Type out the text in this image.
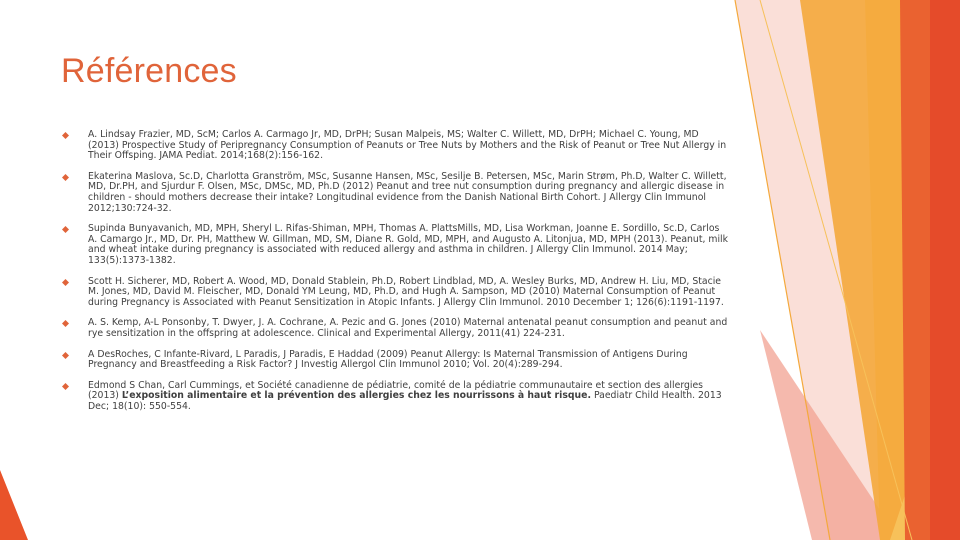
Références
A. Lindsay Frazier, MD, ScM; Carlos A. Carmago Jr, MD, DrPH; Susan Malpeis, MS; Walter C. Willett, MD, DrPH; Michael C. Young, MD (2013) Prospective Study of Peripregnancy Consumption of Peanuts or Tree Nuts by Mothers and the Risk of Peanut or Tree Nut Allergy in Their Offsping. JAMA Pediat. 2014;168(2):156-162.
Ekaterina Maslova, Sc.D, Charlotta Granström, MSc, Susanne Hansen, MSc, Sesilje B. Petersen, MSc, Marin Strøm, Ph.D, Walter C. Willett, MD, Dr.PH, and Sjurdur F. Olsen, MSc, DMSc, MD, Ph.D (2012) Peanut and tree nut consumption during pregnancy and allergic disease in children - should mothers decrease their intake? Longitudinal evidence from the Danish National Birth Cohort. J Allergy Clin Immunol 2012;130:724-32.
Supinda Bunyavanich, MD, MPH, Sheryl L. Rifas-Shiman, MPH, Thomas A. PlattsMills, MD, Lisa Workman, Joanne E. Sordillo, Sc.D, Carlos A. Camargo Jr., MD, Dr. PH, Matthew W. Gillman, MD, SM, Diane R. Gold, MD, MPH, and Augusto A. Litonjua, MD, MPH (2013). Peanut, milk and wheat intake during pregnancy is associated with reduced allergy and asthma in children. J Allergy Clin Immunol. 2014 May; 133(5):1373-1382.
Scott H. Sicherer, MD, Robert A. Wood, MD, Donald Stablein, Ph.D, Robert Lindblad, MD, A. Wesley Burks, MD, Andrew H. Liu, MD, Stacie M. Jones, MD, David M. Fleischer, MD, Donald YM Leung, MD, Ph.D, and Hugh A. Sampson, MD (2010) Maternal Consumption of Peanut during Pregnancy is Associated with Peanut Sensitization in Atopic Infants. J Allergy Clin Immunol. 2010 December 1; 126(6):1191-1197.
A. S. Kemp, A-L Ponsonby, T. Dwyer, J. A. Cochrane, A. Pezic and G. Jones (2010) Maternal antenatal peanut consumption and peanut and rye sensitization in the offspring at adolescence. Clinical and Experimental Allergy, 2011(41) 224-231.
A DesRoches, C Infante-Rivard, L Paradis, J Paradis, E Haddad (2009) Peanut Allergy: Is Maternal Transmission of Antigens During Pregnancy and Breastfeeding a Risk Factor? J Investig Allergol Clin Immunol 2010; Vol. 20(4):289-294.
Edmond S Chan, Carl Cummings, et Société canadienne de pédiatrie, comité de la pédiatrie communautaire et section des allergies (2013) L’exposition alimentaire et la prévention des allergies chez les nourrissons à haut risque. Paediatr Child Health. 2013 Dec; 18(10): 550-554.
